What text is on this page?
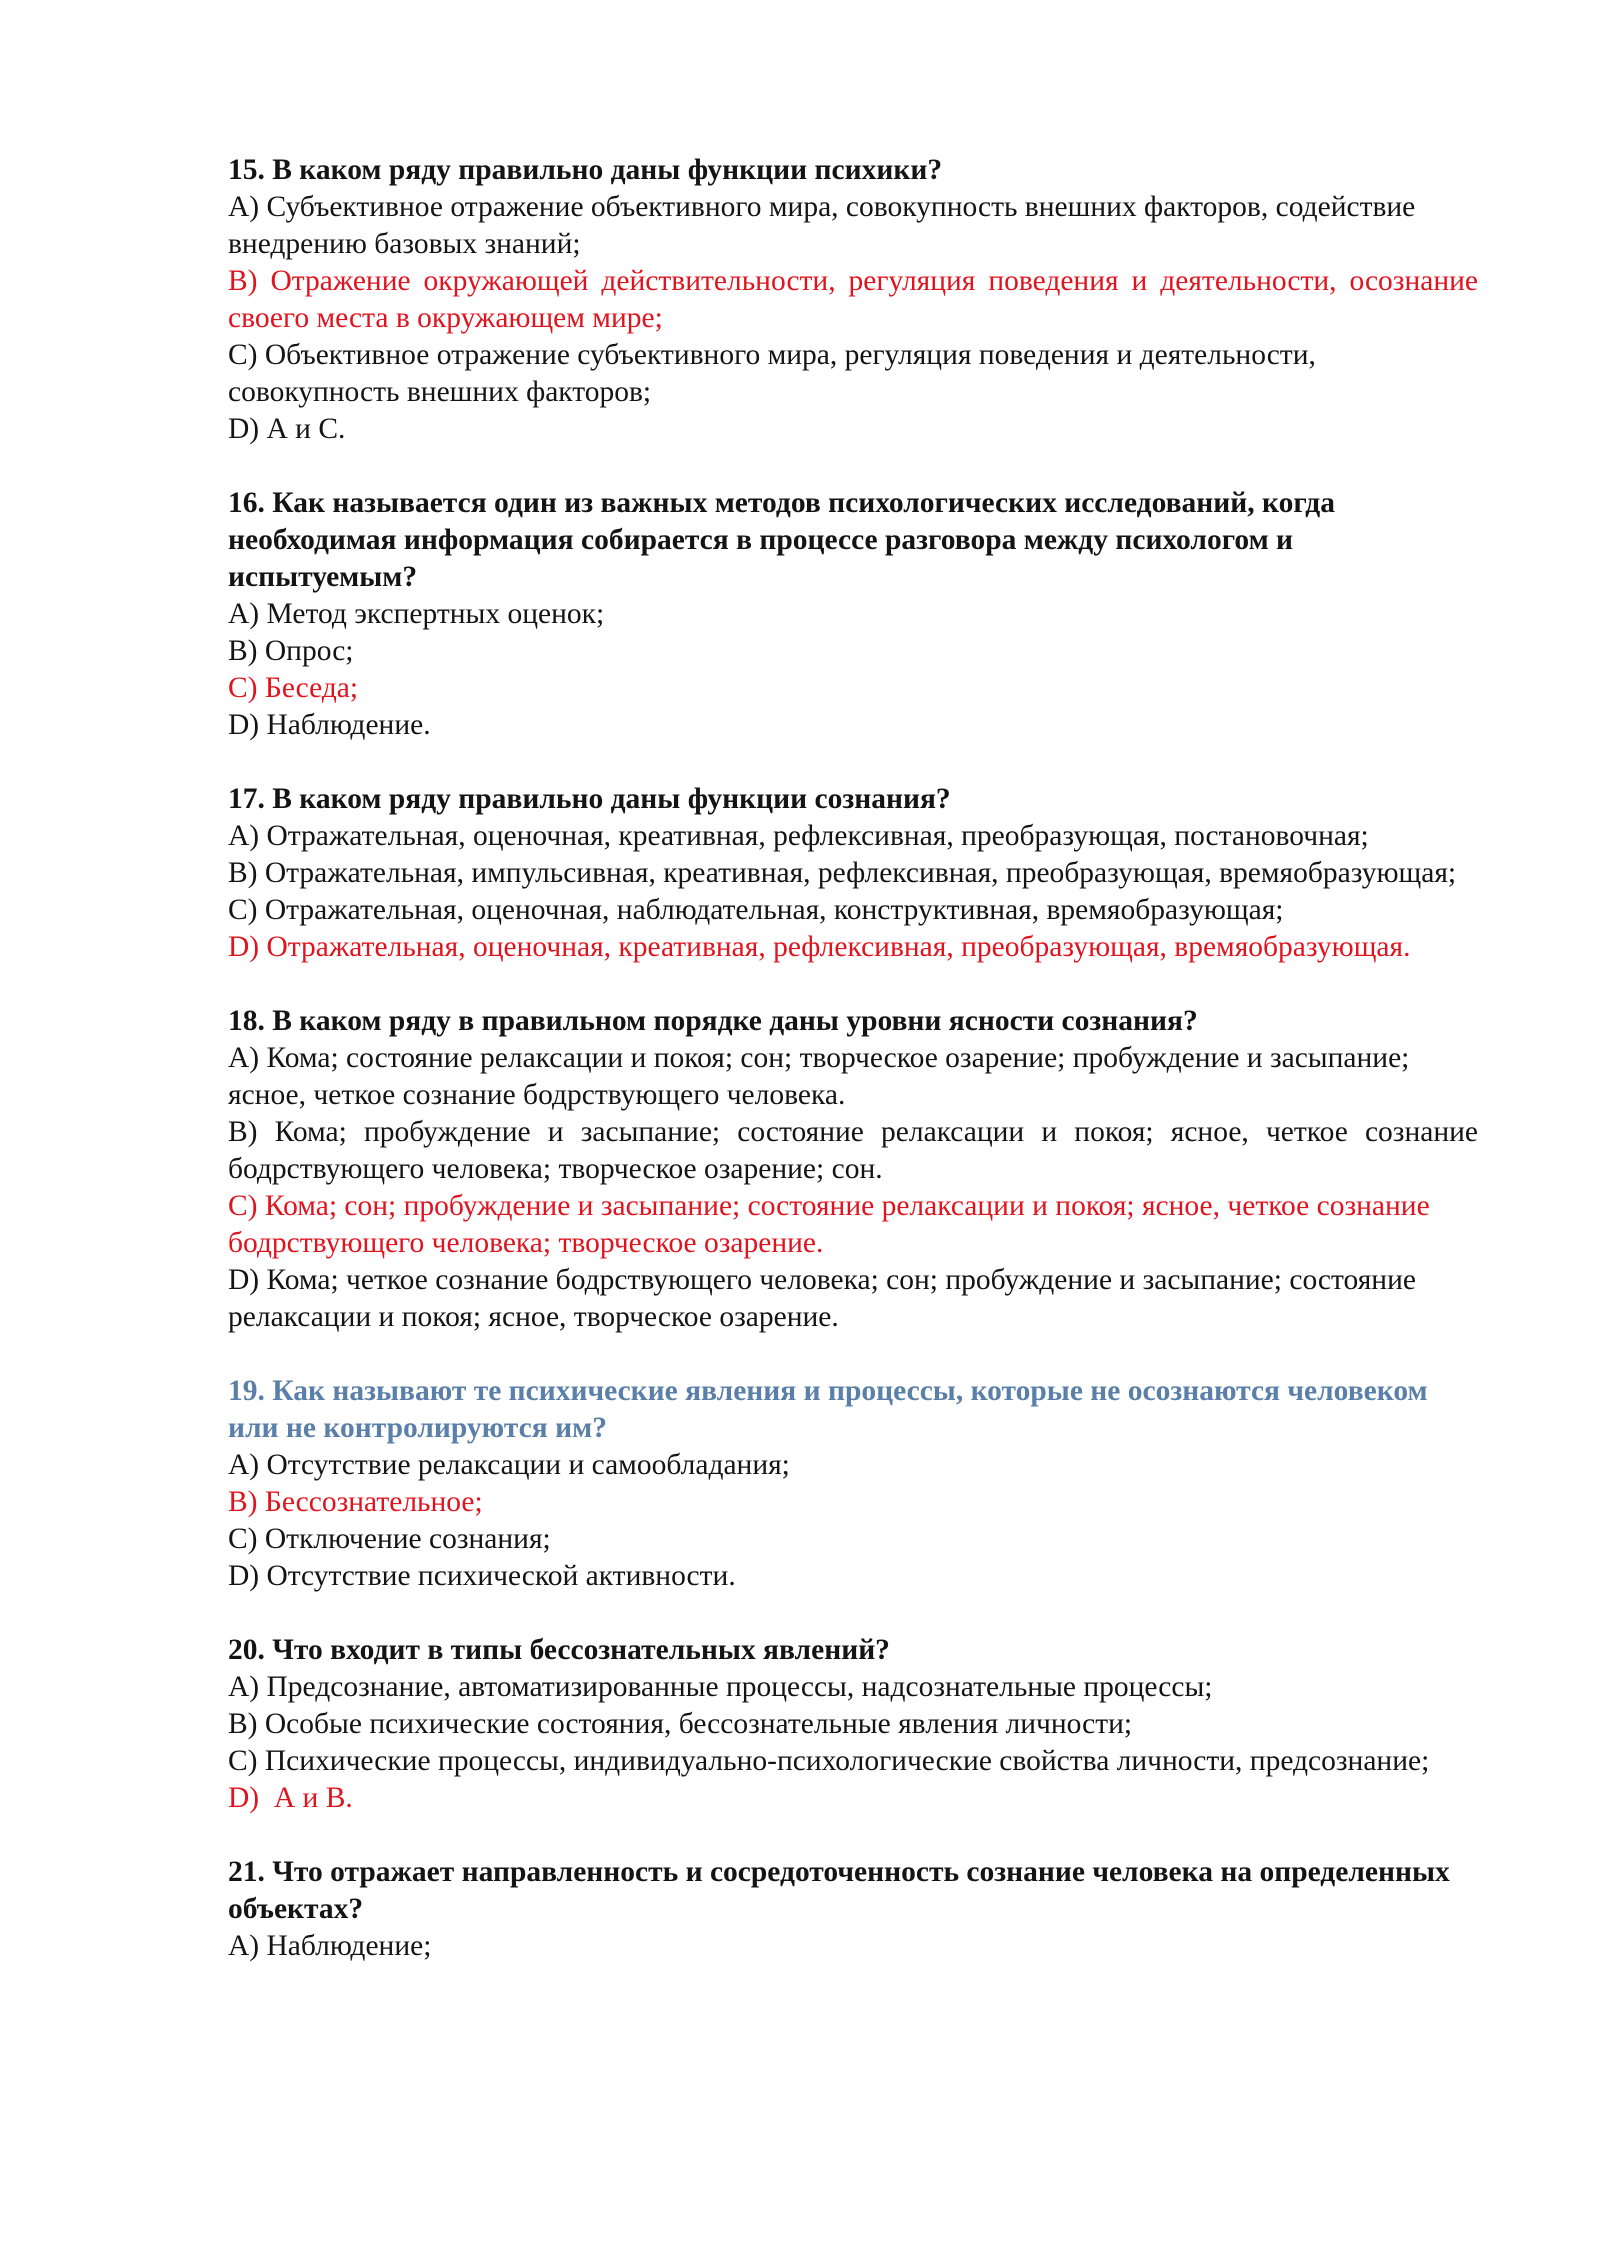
15. В каком ряду правильно даны функции психики?

А) Субъективное отражение объективного мира, совокупность внешних факторов, содействие внедрению базовых знаний;

В) Отражение окружающей действительности, регуляция поведения и деятельности, осознание своего места в окружающем мире;

С) Объективное отражение субъективного мира, регуляция поведения и деятельности, совокупность внешних факторов;

D) А и С.

16. Как называется один из важных методов психологических исследований, когда необходимая информация собирается в процессе разговора между психологом и испытуемым?

А) Метод экспертных оценок;

В) Опрос;

С) Беседа;

D) Наблюдение.

17. В каком ряду правильно даны функции сознания?

А) Отражательная, оценочная, креативная, рефлексивная, преобразующая, постановочная;

В) Отражательная, импульсивная, креативная, рефлексивная, преобразующая, времяобразующая;

С) Отражательная, оценочная, наблюдательная, конструктивная, времяобразующая;

D) Отражательная, оценочная, креативная, рефлексивная, преобразующая, времяобразующая.

18. В каком ряду в правильном порядке даны уровни ясности сознания?

А) Кома; состояние релаксации и покоя; сон; творческое озарение; пробуждение и засыпание; ясное, четкое сознание бодрствующего человека.

В) Кома; пробуждение и засыпание; состояние релаксации и покоя; ясное, четкое сознание бодрствующего человека; творческое озарение; сон.

С) Кома; сон; пробуждение и засыпание; состояние релаксации и покоя; ясное, четкое сознание бодрствующего человека; творческое озарение.

D) Кома; четкое сознание бодрствующего человека; сон; пробуждение и засыпание; состояние релаксации и покоя; ясное, творческое озарение.

19. Как называют те психические явления и процессы, которые не осознаются человеком или не контролируются им?

А) Отсутствие релаксации и самообладания;

В) Бессознательное;

С) Отключение сознания;

D) Отсутствие психической активности.

20. Что входит в типы бессознательных явлений?

А) Предсознание, автоматизированные процессы, надсознательные процессы;

В) Особые психические состояния, бессознательные явления личности;

С) Психические процессы, индивидуально-психологические свойства личности, предсознание;

D)  А и В.

21. Что отражает направленность и сосредоточенность сознание человека на определенных объектах?

А) Наблюдение;
